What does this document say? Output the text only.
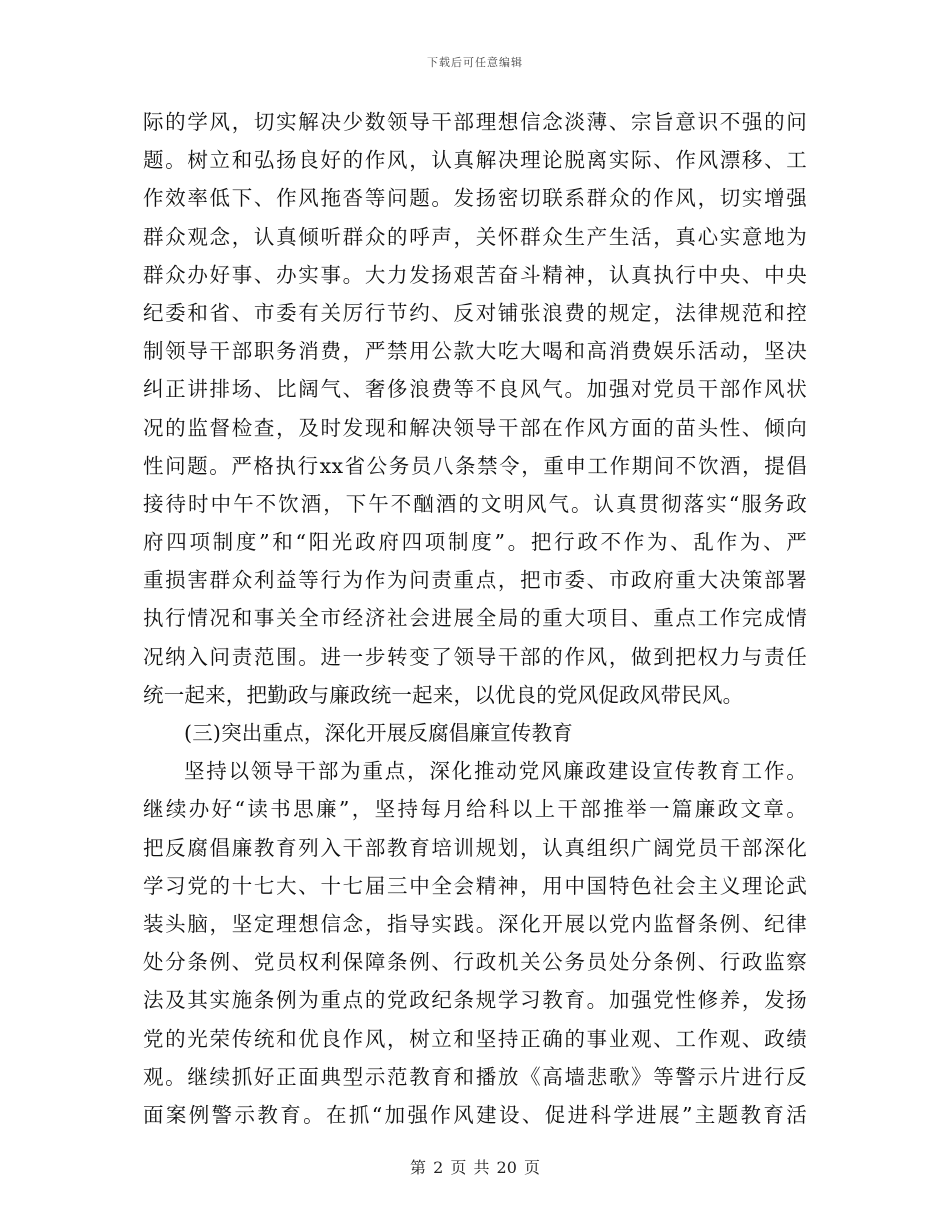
下载后可任意编辑
际的学风，切实解决少数领导干部理想信念淡薄、宗旨意识不强的问
题。树立和弘扬良好的作风，认真解决理论脱离实际、作风漂移、工
作效率低下、作风拖沓等问题。发扬密切联系群众的作风，切实增强
群众观念，认真倾听群众的呼声，关怀群众生产生活，真心实意地为
群众办好事、办实事。大力发扬艰苦奋斗精神，认真执行中央、中央
纪委和省、市委有关厉行节约、反对铺张浪费的规定，法律规范和控
制领导干部职务消费，严禁用公款大吃大喝和高消费娱乐活动，坚决
纠正讲排场、比阔气、奢侈浪费等不良风气。加强对党员干部作风状
况的监督检查，及时发现和解决领导干部在作风方面的苗头性、倾向
性问题。严格执行xx省公务员八条禁令，重申工作期间不饮酒，提倡
接待时中午不饮酒，下午不酗酒的文明风气。认真贯彻落实“服务政
府四项制度”和“阳光政府四项制度”。把行政不作为、乱作为、严
重损害群众利益等行为作为问责重点，把市委、市政府重大决策部署
执行情况和事关全市经济社会进展全局的重大项目、重点工作完成情
况纳入问责范围。进一步转变了领导干部的作风，做到把权力与责任
统一起来，把勤政与廉政统一起来，以优良的党风促政风带民风。
(三)突出重点，深化开展反腐倡廉宣传教育
坚持以领导干部为重点，深化推动党风廉政建设宣传教育工作。
继续办好“读书思廉”，坚持每月给科以上干部推举一篇廉政文章。
把反腐倡廉教育列入干部教育培训规划，认真组织广阔党员干部深化
学习党的十七大、十七届三中全会精神，用中国特色社会主义理论武
装头脑，坚定理想信念，指导实践。深化开展以党内监督条例、纪律
处分条例、党员权利保障条例、行政机关公务员处分条例、行政监察
法及其实施条例为重点的党政纪条规学习教育。加强党性修养，发扬
党的光荣传统和优良作风，树立和坚持正确的事业观、工作观、政绩
观。继续抓好正面典型示范教育和播放《高墙悲歌》等警示片进行反
面案例警示教育。在抓“加强作风建设、促进科学进展”主题教育活
第 2 页 共 20 页
